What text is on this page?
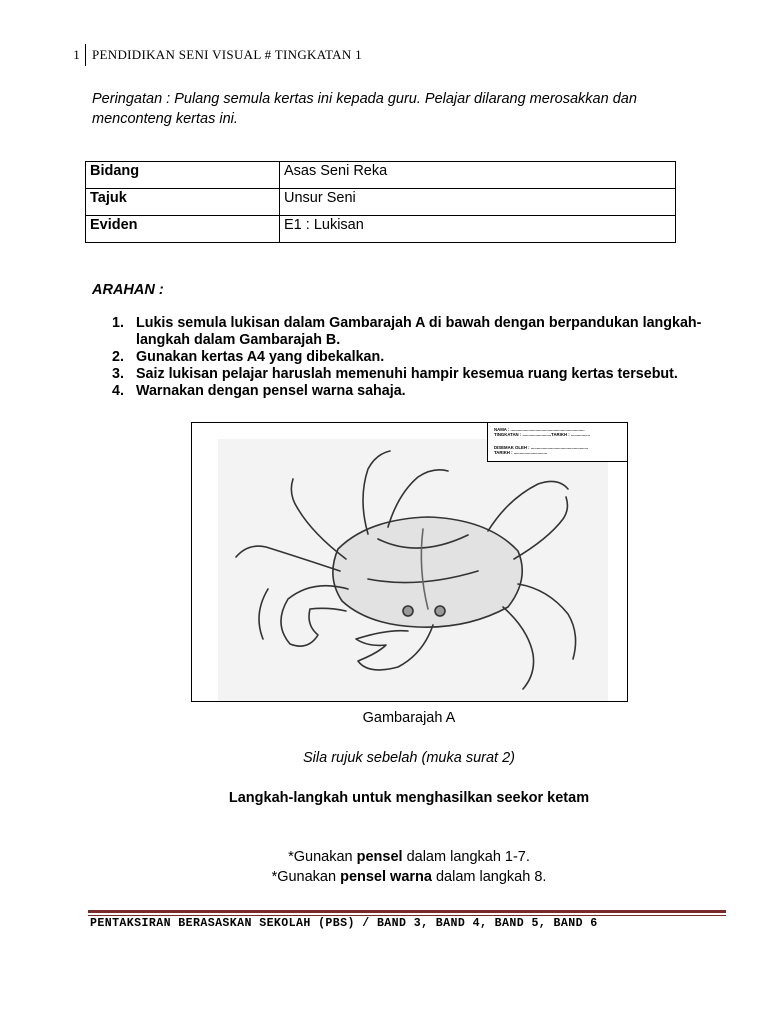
1 PENDIDIKAN SENI VISUAL # TINGKATAN 1
Peringatan : Pulang semula kertas ini kepada guru. Pelajar dilarang merosakkan dan menconteng kertas ini.
Bidang	Asas Seni Reka
Tajuk	Unsur Seni
Eviden	E1 : Lukisan
ARAHAN :
1. Lukis semula lukisan dalam Gambarajah A di bawah dengan berpandukan langkah-langkah dalam Gambarajah B.
2. Gunakan kertas A4 yang dibekalkan.
3. Saiz lukisan pelajar haruslah memenuhi hampir kesemua ruang kertas tersebut.
4. Warnakan dengan pensel warna sahaja.
NAMA : ..............................................................
TINGKATAN : ........................TARIKH : ................
DISEMAK OLEH : ................................................
TARIKH : ............................
Gambarajah A
Sila rujuk sebelah (muka surat 2)
Langkah-langkah untuk menghasilkan seekor ketam
*Gunakan pensel dalam langkah 1-7.
*Gunakan pensel warna dalam langkah 8.
PENTAKSIRAN BERASASKAN SEKOLAH (PBS) / BAND 3, BAND 4, BAND 5, BAND 6
